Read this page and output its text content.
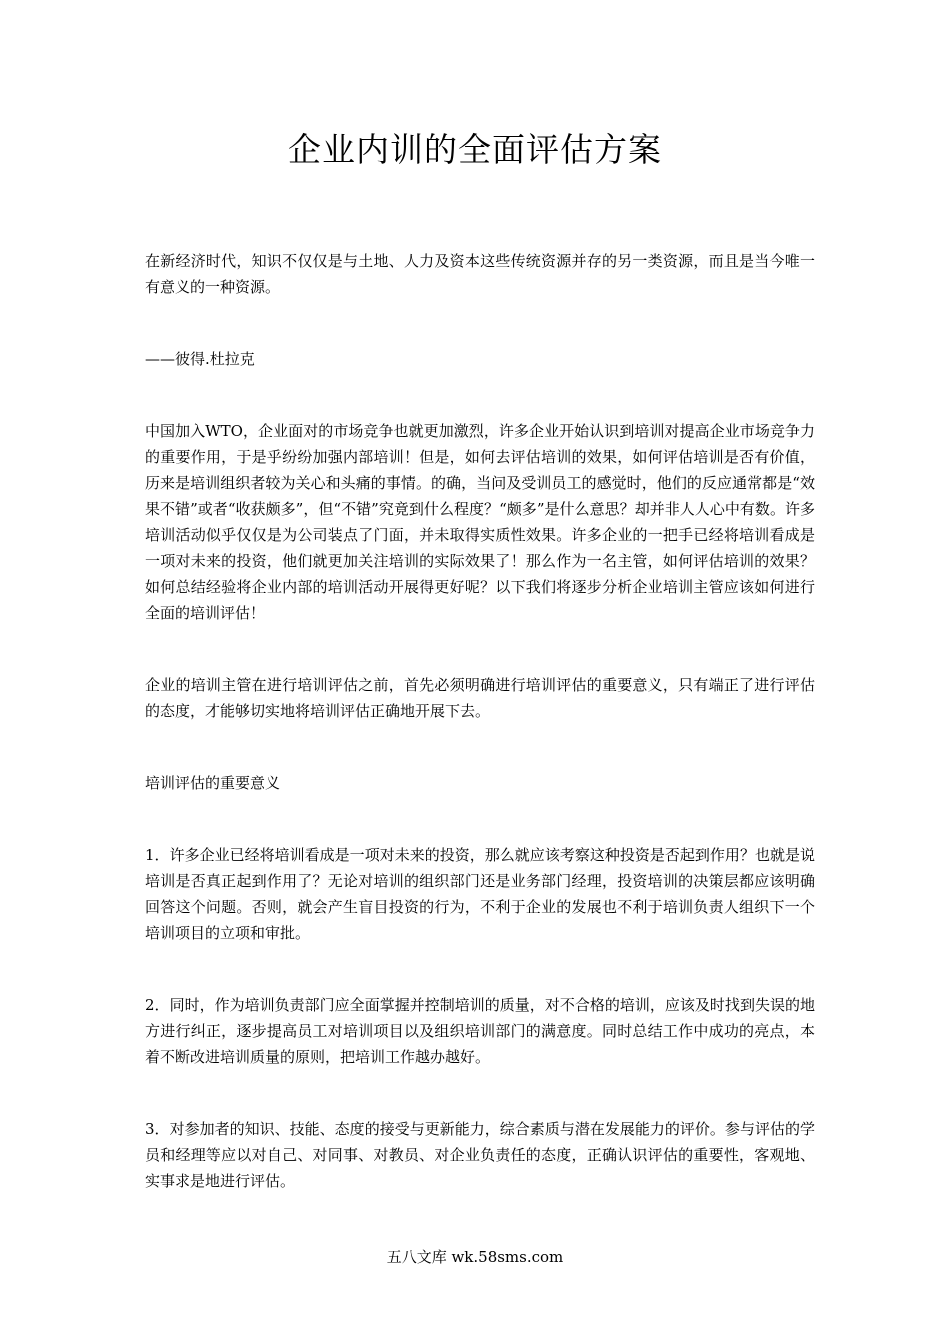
企业内训的全面评估方案

在新经济时代，知识不仅仅是与土地、人力及资本这些传统资源并存的另一类资源，而且是当今唯一有意义的一种资源。

——彼得.杜拉克

中国加入WTO，企业面对的市场竞争也就更加激烈，许多企业开始认识到培训对提高企业市场竞争力的重要作用，于是乎纷纷加强内部培训！但是，如何去评估培训的效果，如何评估培训是否有价值，历来是培训组织者较为关心和头痛的事情。的确，当问及受训员工的感觉时，他们的反应通常都是“效果不错”或者“收获颇多”，但“不错”究竟到什么程度？“颇多”是什么意思？却并非人人心中有数。许多培训活动似乎仅仅是为公司装点了门面，并未取得实质性效果。许多企业的一把手已经将培训看成是一项对未来的投资，他们就更加关注培训的实际效果了！那么作为一名主管，如何评估培训的效果？如何总结经验将企业内部的培训活动开展得更好呢？以下我们将逐步分析企业培训主管应该如何进行全面的培训评估！

企业的培训主管在进行培训评估之前，首先必须明确进行培训评估的重要意义，只有端正了进行评估的态度，才能够切实地将培训评估正确地开展下去。

培训评估的重要意义

1．许多企业已经将培训看成是一项对未来的投资，那么就应该考察这种投资是否起到作用？也就是说培训是否真正起到作用了？无论对培训的组织部门还是业务部门经理，投资培训的决策层都应该明确回答这个问题。否则，就会产生盲目投资的行为，不利于企业的发展也不利于培训负责人组织下一个培训项目的立项和审批。

2．同时，作为培训负责部门应全面掌握并控制培训的质量，对不合格的培训，应该及时找到失误的地方进行纠正，逐步提高员工对培训项目以及组织培训部门的满意度。同时总结工作中成功的亮点，本着不断改进培训质量的原则，把培训工作越办越好。

3．对参加者的知识、技能、态度的接受与更新能力，综合素质与潜在发展能力的评价。参与评估的学员和经理等应以对自己、对同事、对教员、对企业负责任的态度，正确认识评估的重要性，客观地、实事求是地进行评估。

五八文库 wk.58sms.com
